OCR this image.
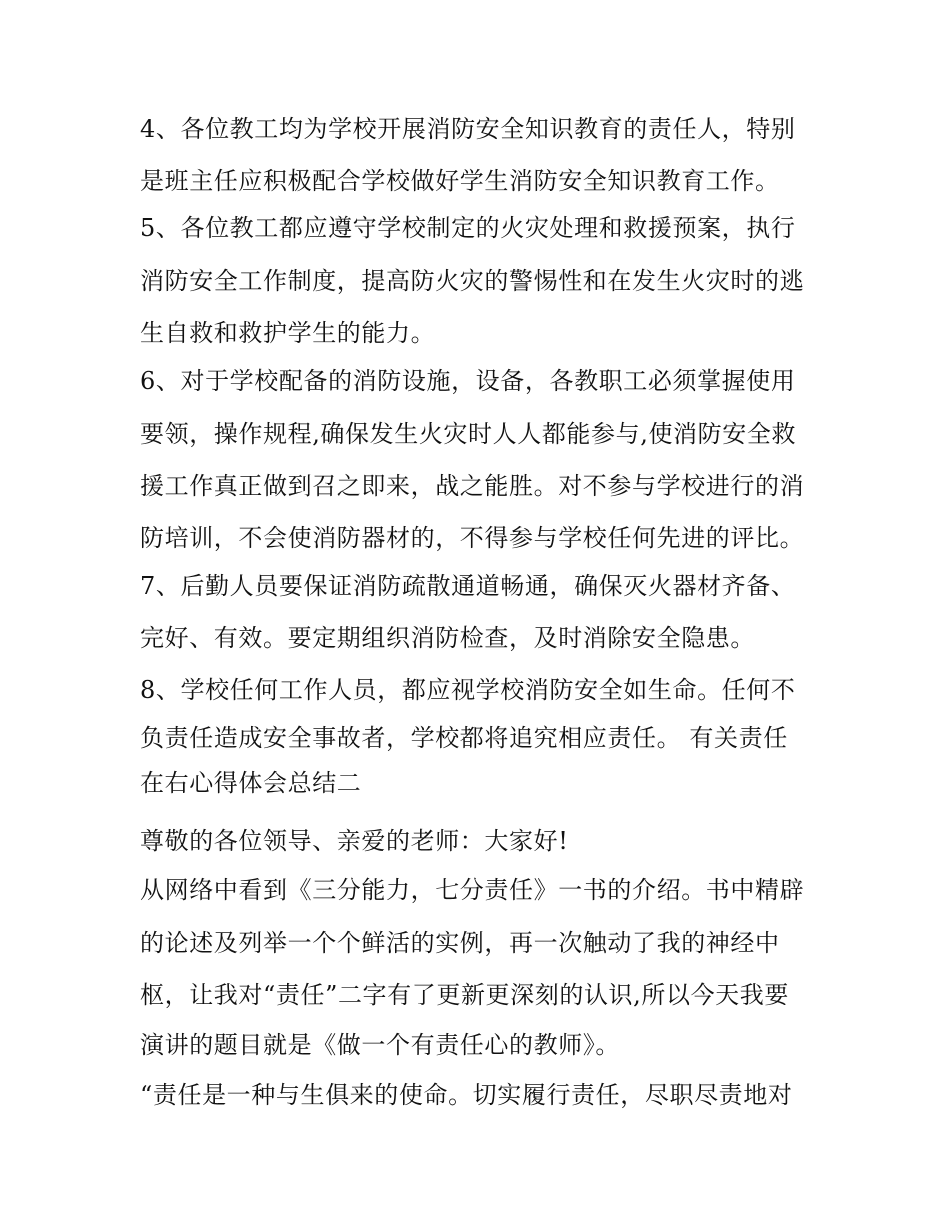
4、各位教工均为学校开展消防安全知识教育的责任人，特别
是班主任应积极配合学校做好学生消防安全知识教育工作。
5、各位教工都应遵守学校制定的火灾处理和救援预案，执行
消防安全工作制度，提高防火灾的警惕性和在发生火灾时的逃
生自救和救护学生的能力。
6、对于学校配备的消防设施，设备，各教职工必须掌握使用
要领，操作规程,确保发生火灾时人人都能参与,使消防安全救
援工作真正做到召之即来，战之能胜。对不参与学校进行的消
防培训，不会使消防器材的，不得参与学校任何先进的评比。
7、后勤人员要保证消防疏散通道畅通，确保灭火器材齐备、
完好、有效。要定期组织消防检查，及时消除安全隐患。
8、学校任何工作人员，都应视学校消防安全如生命。任何不
负责任造成安全事故者，学校都将追究相应责任。 有关责任
在右心得体会总结二
尊敬的各位领导、亲爱的老师：大家好!
从网络中看到《三分能力，七分责任》一书的介绍。书中精辟
的论述及列举一个个鲜活的实例，再一次触动了我的神经中
枢，让我对“责任”二字有了更新更深刻的认识,所以今天我要
演讲的题目就是《做一个有责任心的教师》。
“责任是一种与生俱来的使命。切实履行责任，尽职尽责地对
